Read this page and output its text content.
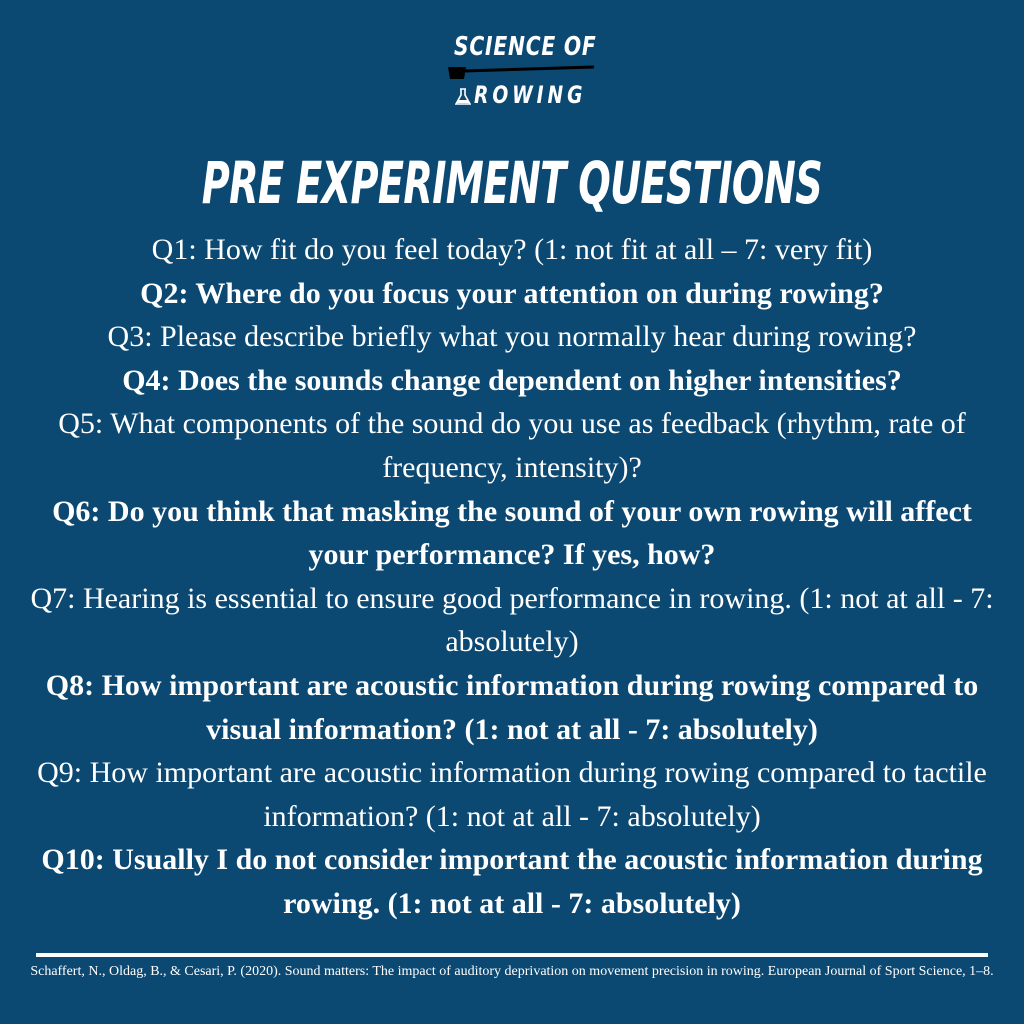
SCIENCE OF
ROWING
PRE EXPERIMENT QUESTIONS

Q1: How fit do you feel today? (1: not fit at all – 7: very fit)

Q2: Where do you focus your attention on during rowing?

Q3: Please describe briefly what you normally hear during rowing?

Q4: Does the sounds change dependent on higher intensities?

Q5: What components of the sound do you use as feedback (rhythm, rate of frequency, intensity)?

Q6: Do you think that masking the sound of your own rowing will affect your performance? If yes, how?

Q7: Hearing is essential to ensure good performance in rowing. (1: not at all - 7: absolutely)

Q8: How important are acoustic information during rowing compared to visual information? (1: not at all - 7: absolutely)

Q9: How important are acoustic information during rowing compared to tactile information? (1: not at all - 7: absolutely)

Q10: Usually I do not consider important the acoustic information during rowing. (1: not at all - 7: absolutely)

Schaffert, N., Oldag, B., & Cesari, P. (2020). Sound matters: The impact of auditory deprivation on movement precision in rowing. European Journal of Sport Science, 1–8.
